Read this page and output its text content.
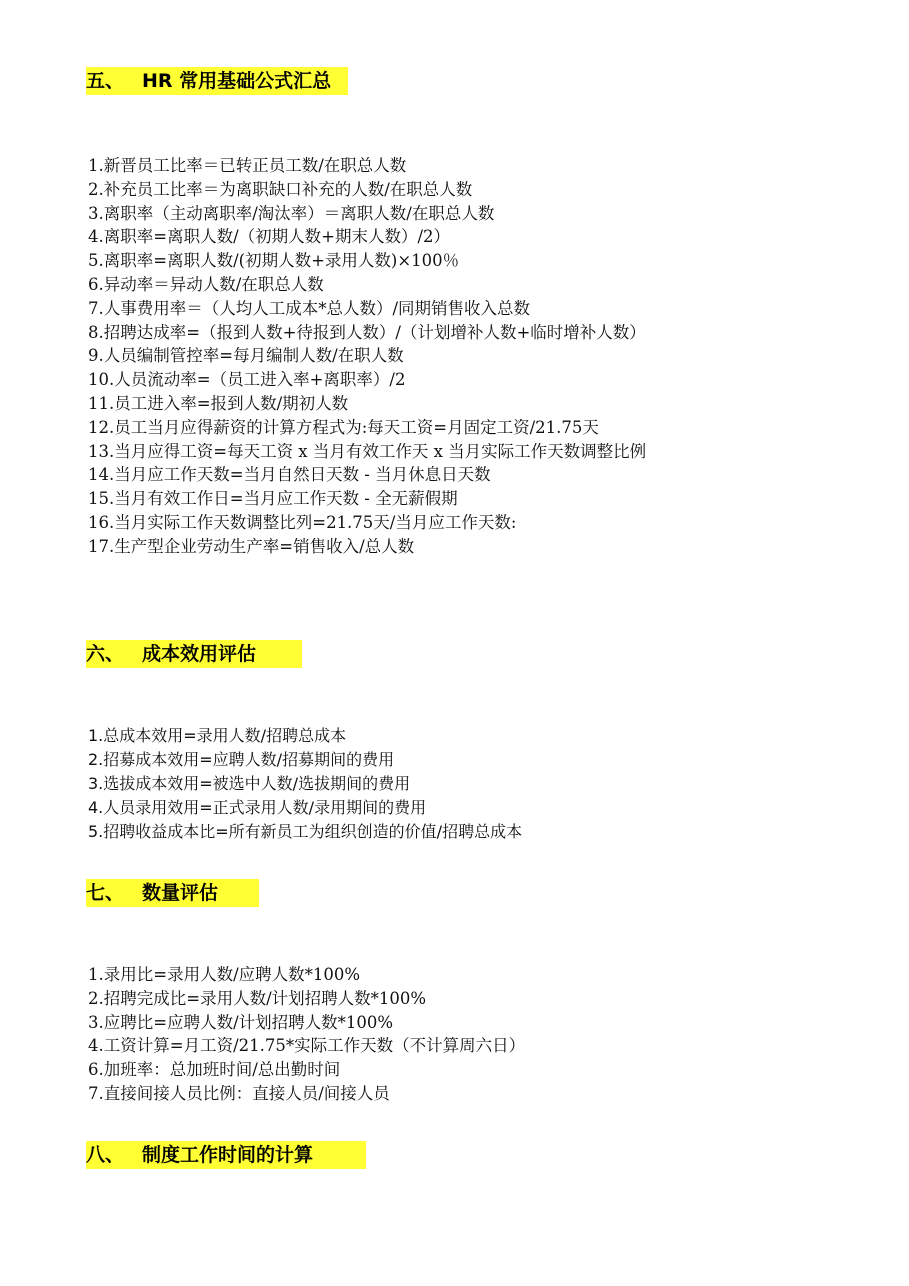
五、 HR 常用基础公式汇总
1.新晋员工比率＝已转正员工数/在职总人数
2.补充员工比率＝为离职缺口补充的人数/在职总人数
3.离职率（主动离职率/淘汰率）＝离职人数/在职总人数
4.离职率=离职人数/（初期人数+期末人数）/2）
5.离职率=离职人数/(初期人数+录用人数)×100％
6.异动率＝异动人数/在职总人数
7.人事费用率＝（人均人工成本*总人数）/同期销售收入总数
8.招聘达成率=（报到人数+待报到人数）/（计划增补人数+临时增补人数）
9.人员编制管控率=每月编制人数/在职人数
10.人员流动率=（员工进入率+离职率）/2
11.员工进入率=报到人数/期初人数
12.员工当月应得薪资的计算方程式为:每天工资=月固定工资/21.75天
13.当月应得工资=每天工资 x 当月有效工作天 x 当月实际工作天数调整比例
14.当月应工作天数=当月自然日天数 - 当月休息日天数
15.当月有效工作日=当月应工作天数 - 全无薪假期
16.当月实际工作天数调整比列=21.75天/当月应工作天数:
17.生产型企业劳动生产率=销售收入/总人数
六、 成本效用评估
1.总成本效用=录用人数/招聘总成本
2.招募成本效用=应聘人数/招募期间的费用
3.选拔成本效用=被选中人数/选拔期间的费用
4.人员录用效用=正式录用人数/录用期间的费用
5.招聘收益成本比=所有新员工为组织创造的价值/招聘总成本
七、 数量评估
1.录用比=录用人数/应聘人数*100%
2.招聘完成比=录用人数/计划招聘人数*100%
3.应聘比=应聘人数/计划招聘人数*100%
4.工资计算=月工资/21.75*实际工作天数（不计算周六日）
6.加班率：总加班时间/总出勤时间
7.直接间接人员比例：直接人员/间接人员
八、 制度工作时间的计算
